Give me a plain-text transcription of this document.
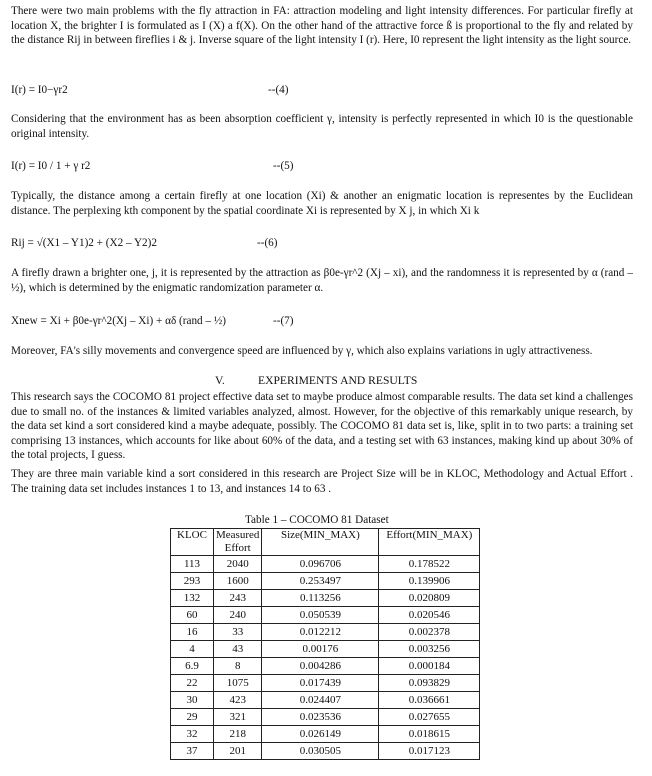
There were two main problems with the fly attraction in FA: attraction modeling and light intensity differences. For particular firefly at location X, the brighter I is formulated as I (X) a f(X). On the other hand of the attractive force ß is proportional to the fly and related by the distance Rij in between fireflies i & j. Inverse square of the light intensity I (r). Here, I0 represent the light intensity as the light source.
I(r) = I0−γr2	--(4)
Considering that the environment has as been absorption coefficient γ, intensity is perfectly represented in which I0 is the questionable original intensity.
I(r) = I0 / 1 + γ r2	--(5)
Typically, the distance among a certain firefly at one location (Xi) & another an enigmatic location is representes by the Euclidean distance. The perplexing kth component by the spatial coordinate Xi is represented by X j, in which Xi k
Rij = √(X1 – Y1)2 + (X2 – Y2)2	--(6)
A firefly drawn a brighter one, j, it is represented by the attraction as β0e-γr^2 (Xj – xi), and the randomness it is represented by α (rand – ½), which is determined by the enigmatic randomization parameter α.
Xnew = Xi + β0e-γr^2(Xj – Xi) + αδ (rand – ½)	--(7)
Moreover, FA's silly movements and convergence speed are influenced by γ, which also explains variations in ugly attractiveness.
V.	EXPERIMENTS AND RESULTS
This research says the COCOMO 81 project effective data set to maybe produce almost comparable results. The data set kind a challenges due to small no. of the instances & limited variables analyzed, almost. However, for the objective of this remarkably unique research, by the data set kind a sort considered kind a maybe adequate, possibly. The COCOMO 81 data set is, like, split in to two parts: a training set comprising 13 instances, which accounts for like about 60% of the data, and a testing set with 63 instances, making kind up about 30% of the total projects, I guess.
They are three main variable kind a sort considered in this research are Project Size will be in KLOC, Methodology and Actual Effort . The training data set includes instances 1 to 13, and instances 14 to 63 .
Table 1 – COCOMO 81 Dataset
KLOC	Measured Effort	Size(MIN_MAX)	Effort(MIN_MAX)
113	2040	0.096706	0.178522
293	1600	0.253497	0.139906
132	243	0.113256	0.020809
60	240	0.050539	0.020546
16	33	0.012212	0.002378
4	43	0.00176	0.003256
6.9	8	0.004286	0.000184
22	1075	0.017439	0.093829
30	423	0.024407	0.036661
29	321	0.023536	0.027655
32	218	0.026149	0.018615
37	201	0.030505	0.017123
